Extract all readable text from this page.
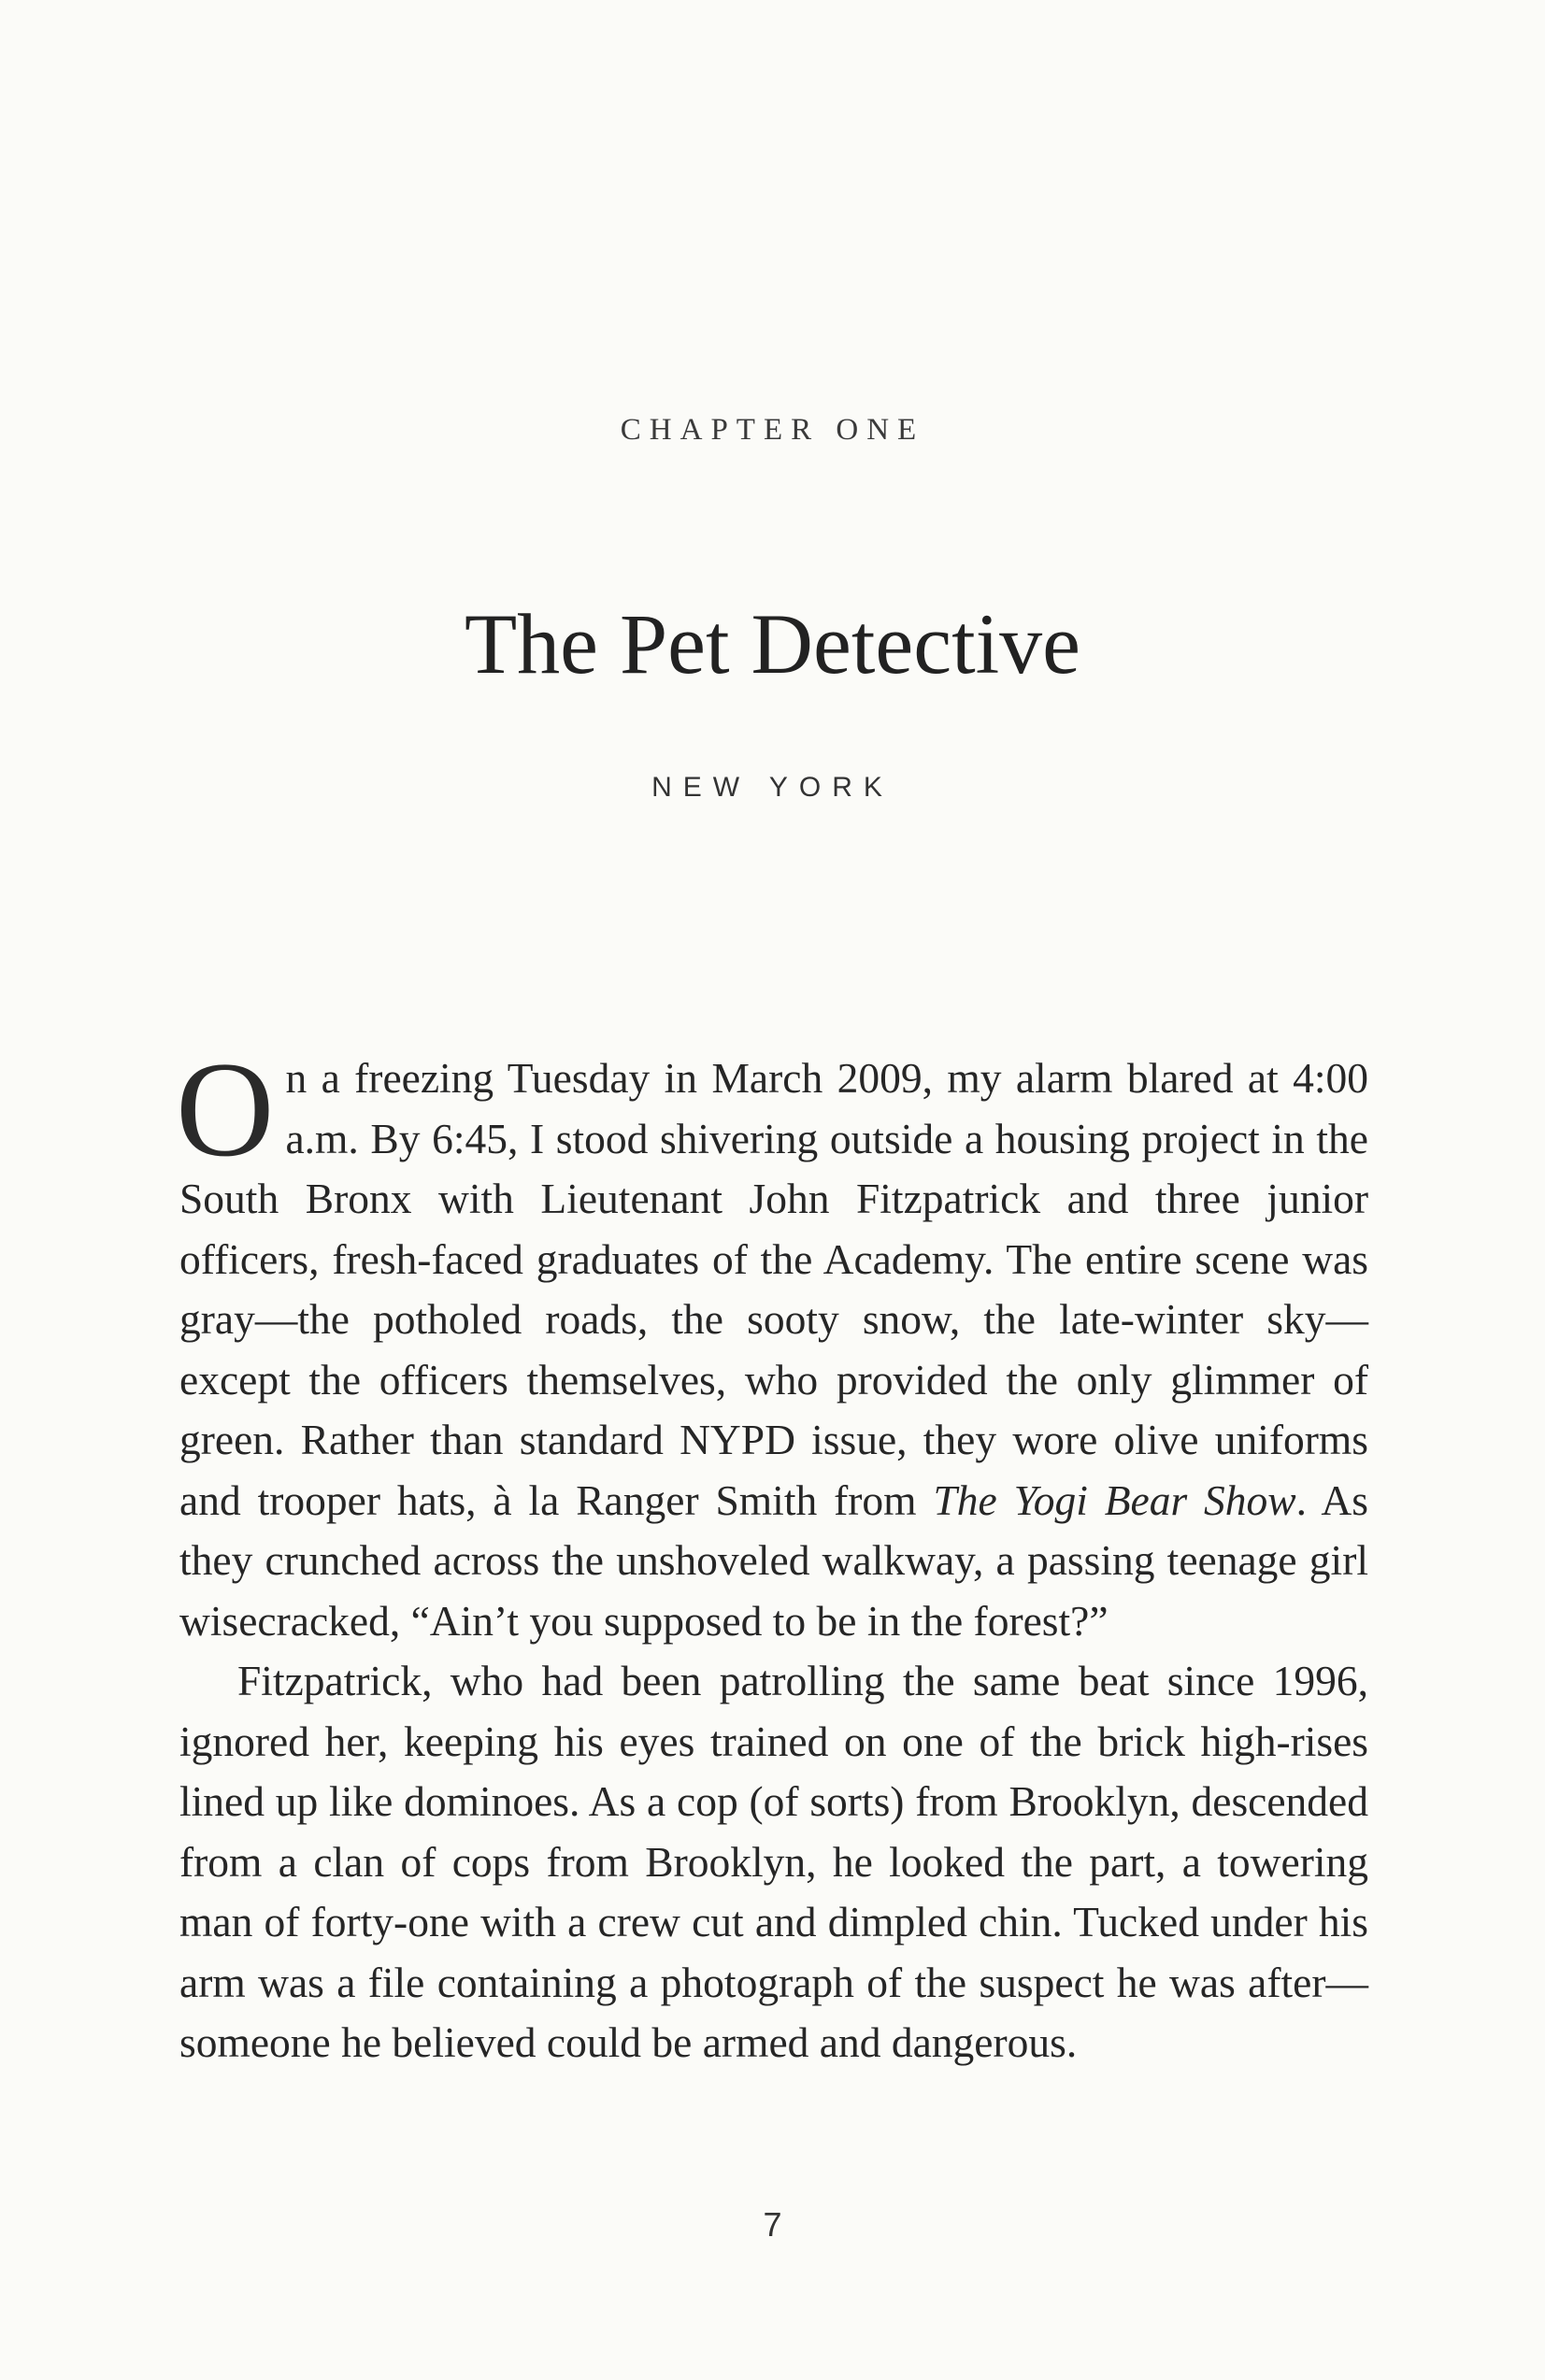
CHAPTER ONE
The Pet Detective
NEW YORK

On a freezing Tuesday in March 2009, my alarm blared at 4:00 a.m. By 6:45, I stood shivering outside a housing project in the South Bronx with Lieutenant John Fitzpatrick and three junior officers, fresh-faced graduates of the Academy. The entire scene was gray—the potholed roads, the sooty snow, the late-winter sky—except the officers themselves, who provided the only glimmer of green. Rather than standard NYPD issue, they wore olive uniforms and trooper hats, à la Ranger Smith from The Yogi Bear Show. As they crunched across the unshoveled walkway, a passing teenage girl wisecracked, “Ain’t you supposed to be in the forest?”

Fitzpatrick, who had been patrolling the same beat since 1996, ignored her, keeping his eyes trained on one of the brick high-rises lined up like dominoes. As a cop (of sorts) from Brooklyn, descended from a clan of cops from Brooklyn, he looked the part, a towering man of forty-one with a crew cut and dimpled chin. Tucked under his arm was a file containing a photograph of the suspect he was after—someone he believed could be armed and dangerous.

7
